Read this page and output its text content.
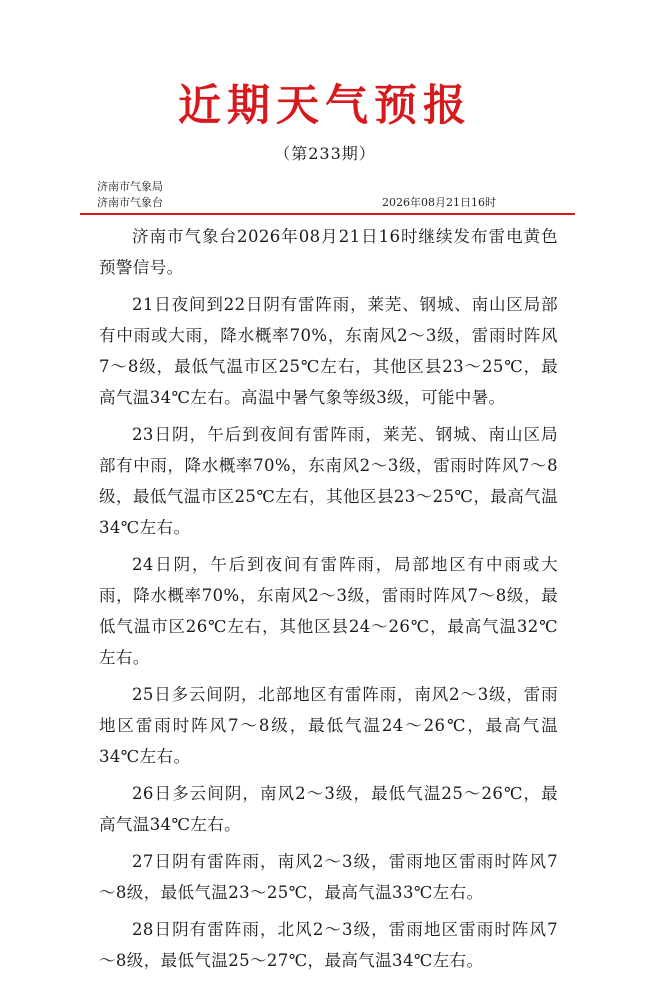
近期天气预报
（第233期）
济南市气象局
济南市气象台	2026年08月21日16时

济南市气象台2026年08月21日16时继续发布雷电黄色预警信号。

21日夜间到22日阴有雷阵雨，莱芜、钢城、南山区局部有中雨或大雨，降水概率70%，东南风2～3级，雷雨时阵风7～8级，最低气温市区25℃左右，其他区县23～25℃，最高气温34℃左右。高温中暑气象等级3级，可能中暑。

23日阴，午后到夜间有雷阵雨，莱芜、钢城、南山区局部有中雨，降水概率70%，东南风2～3级，雷雨时阵风7～8级，最低气温市区25℃左右，其他区县23～25℃，最高气温34℃左右。

24日阴，午后到夜间有雷阵雨，局部地区有中雨或大雨，降水概率70%，东南风2～3级，雷雨时阵风7～8级，最低气温市区26℃左右，其他区县24～26℃，最高气温32℃左右。

25日多云间阴，北部地区有雷阵雨，南风2～3级，雷雨地区雷雨时阵风7～8级，最低气温24～26℃，最高气温34℃左右。

26日多云间阴，南风2～3级，最低气温25～26℃，最高气温34℃左右。

27日阴有雷阵雨，南风2～3级，雷雨地区雷雨时阵风7～8级，最低气温23～25℃，最高气温33℃左右。

28日阴有雷阵雨，北风2～3级，雷雨地区雷雨时阵风7～8级，最低气温25～27℃，最高气温34℃左右。
